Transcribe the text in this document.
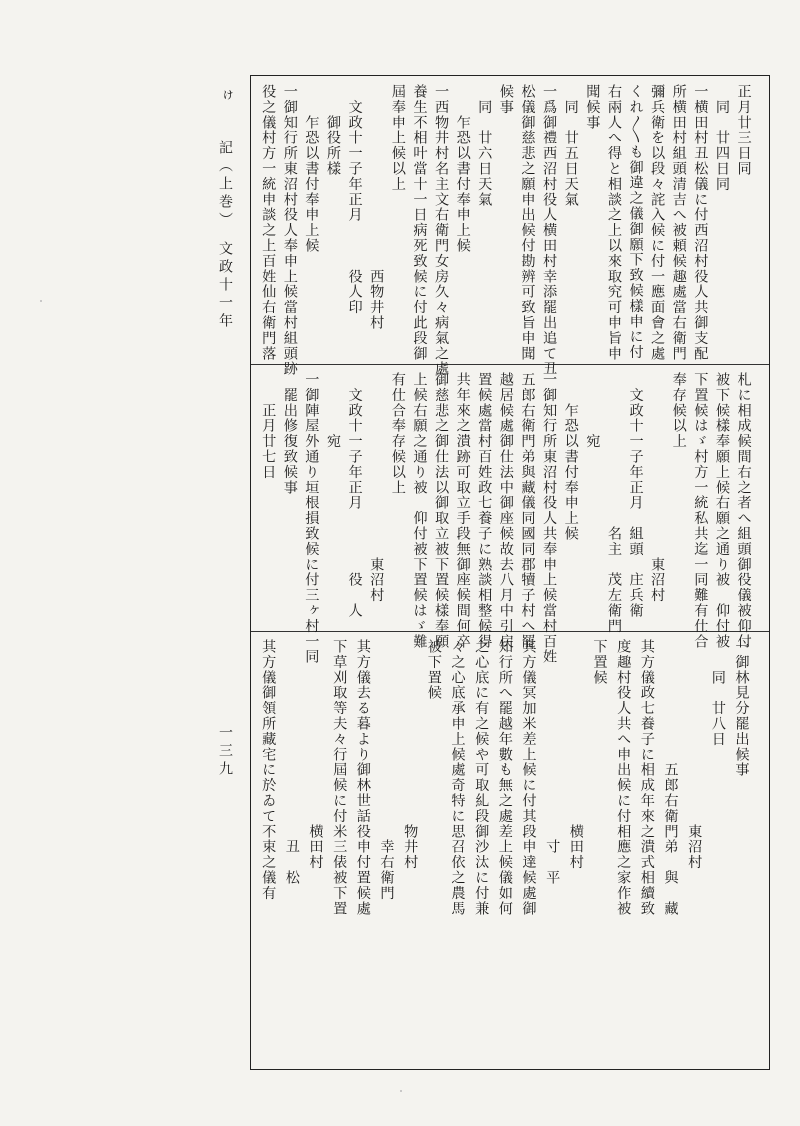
正月廿三日同
　同　廿四日同
一横田村丑松儀に付西沼村役人共御支配
所横田村組頭清吉へ被頼候趣處當右衛門
彌兵衛を以段々詫入候に付一應面會之處
くれ〳〵も御違之儀御願下致候樣申に付
右兩人へ得と相談之上以來取究可申旨申
聞候事
　同　廿五日天氣
一爲御禮西沼村役人横田村幸添罷出追て丑
松儀御慈悲之願申出候付勘辨可致旨申聞
候事
　同　廿六日天氣
　　乍恐以書付奉申上候
一西物井村名主文右衛門女房久々病氣之處
養生不相叶當十一日病死致候に付此段御
屆奉申上候以上
　　　　　　　　　　　　西物井村
　文政十一子年正月　　　役人印
　　御役所樣
　　乍恐以書付奉申上候
一御知行所東沼村役人奉申上候當村組頭跡
役之儀村方一統申談之上百姓仙右衛門落
札に相成候間右之者へ組頭御役儀被仰付
被下候樣奉願上候右願之通り被　仰付被
下置候はゞ村方一統私共迄一同難有仕合
奉存候以上
　　　　　　　　　　　　東沼村
　文政十一子年正月　組頭　庄兵衛
　　　　　　　　　　名主　茂左衛門
　　　　宛
　　乍恐以書付奉申上候
一御知行所東沼村役人共奉申上候當村百姓
五郎右衛門弟與藏儀同國同郡犢子村へ罷
越居候處御仕法中御座候故去八月中引戻
置候處當村百姓政七養子に熟談相整候得
共年來之潰跡可取立手段無御座候間何卒
御慈悲之御仕法以御取立被下置候樣奉願
上候右願之通り被　仰付被下置候はゞ難
有仕合奉存候以上
　　　　　　　　　　　　東沼村
　文政十一子年正月　　　　役　人
　　　　宛
一御陣屋外通り垣根損致候に付三ヶ村一同
　罷出修復致候事
　　正月廿七日
一御林見分罷出候事
　　同　廿八日
　　　　　　　　　　　　東沼村
　　　　　　　　五郎右衛門弟　與　藏
其方儀政七養子に相成年來之潰式相續致
度趣村役人共へ申出候に付相應之家作被
下置候
　　　　　　　　　　　　横田村
　　　　　　　　　　　　　寸　平
其方儀冥加米差上候に付其段申達候處御
知行所へ罷越年數も無之處差上候儀如何
之心底に有之候や可取糺段御沙汰に付兼
々之心底承申上候處奇特に思召依之農馬
被下置候
　　　　　　　　　　　　物井村
　　　　　　　　　　　　　幸右衛門
其方儀去る暮より御林世話役申付置候處
下草刈取等夫々行屆候に付米三俵被下置
　　　　　　　　　　　　横田村
　　　　　　　　　　　　　丑　松
其方儀御領所藏宅に於ゐて不束之儀有
ゖ
記（上巻）　文政十一年
一三九
